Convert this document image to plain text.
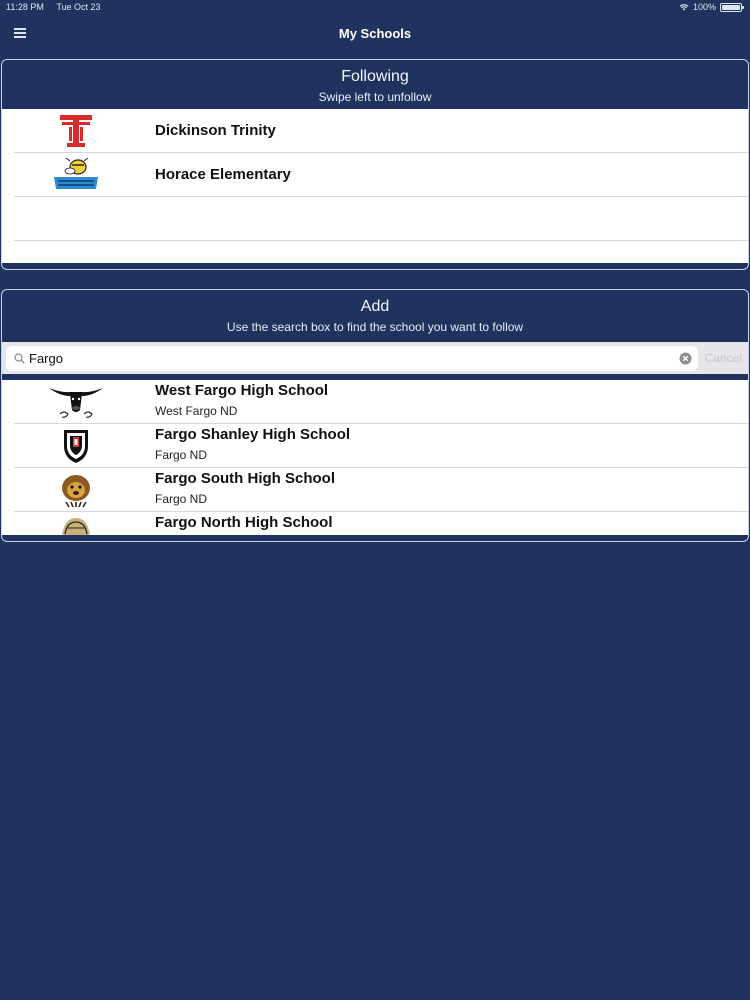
11:28 PM Tue Oct 23	100%
My Schools
Following
Swipe left to unfollow
Dickinson Trinity
Horace Elementary
Add
Use the search box to find the school you want to follow
Fargo
Cancel
West Fargo High School
West Fargo ND
Fargo Shanley High School
Fargo ND
Fargo South High School
Fargo ND
Fargo North High School
